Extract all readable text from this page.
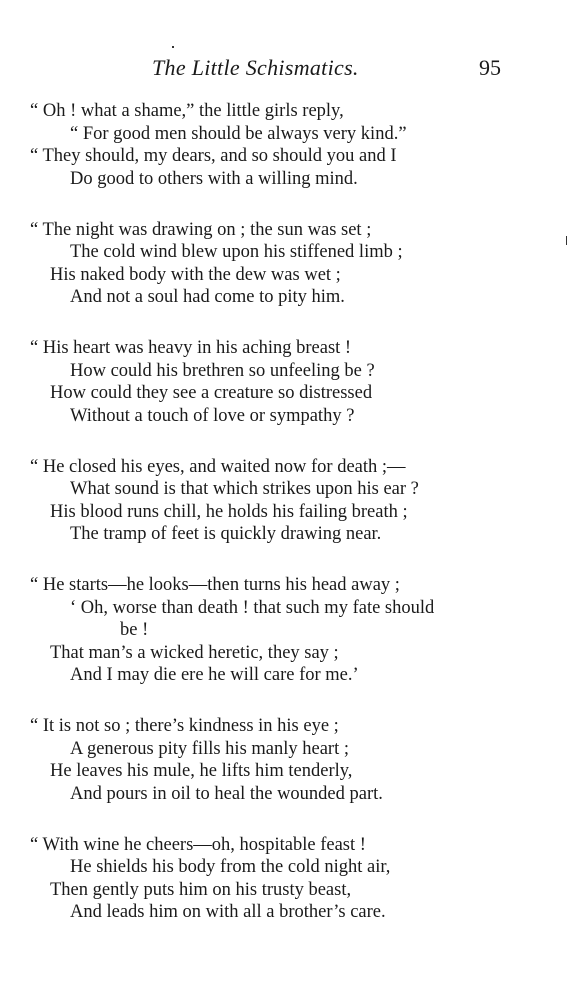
The Little Schismatics.	95
“ Oh ! what a shame,” the little girls reply,
“ For good men should be always very kind.”
“ They should, my dears, and so should you and I
Do good to others with a willing mind.
“ The night was drawing on ; the sun was set ;
The cold wind blew upon his stiffened limb ;
His naked body with the dew was wet ;
And not a soul had come to pity him.
“ His heart was heavy in his aching breast !
How could his brethren so unfeeling be ?
How could they see a creature so distressed
Without a touch of love or sympathy ?
“ He closed his eyes, and waited now for death ;—
What sound is that which strikes upon his ear ?
His blood runs chill, he holds his failing breath ;
The tramp of feet is quickly drawing near.
“ He starts—he looks—then turns his head away ;
‘ Oh, worse than death ! that such my fate should
be !
That man’s a wicked heretic, they say ;
And I may die ere he will care for me.’
“ It is not so ; there’s kindness in his eye ;
A generous pity fills his manly heart ;
He leaves his mule, he lifts him tenderly,
And pours in oil to heal the wounded part.
“ With wine he cheers—oh, hospitable feast !
He shields his body from the cold night air,
Then gently puts him on his trusty beast,
And leads him on with all a brother’s care.
